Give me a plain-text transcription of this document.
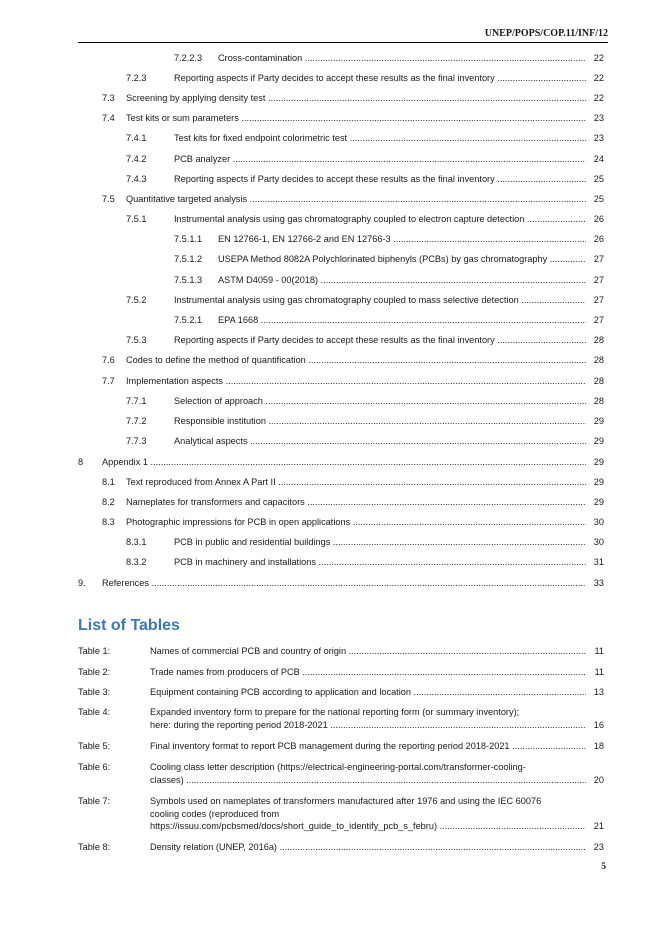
UNEP/POPS/COP.11/INF/12
7.2.2.3 Cross-contamination .....	22
7.2.3	Reporting aspects if Party decides to accept these results as the final inventory .....	22
7.3 Screening by applying density test .....	22
7.4 Test kits or sum parameters .....	23
7.4.1	Test kits for fixed endpoint colorimetric test .....	23
7.4.2	PCB analyzer .....	24
7.4.3	Reporting aspects if Party decides to accept these results as the final inventory .....	25
7.5 Quantitative targeted analysis .....	25
7.5.1	Instrumental analysis using gas chromatography coupled to electron capture detection .....	26
7.5.1.1 EN 12766-1, EN 12766-2 and EN 12766-3 .....	26
7.5.1.2 USEPA Method 8082A Polychlorinated biphenyls (PCBs) by gas chromatography .....	27
7.5.1.3 ASTM D4059 - 00(2018) .....	27
7.5.2	Instrumental analysis using gas chromatography coupled to mass selective detection .....	27
7.5.2.1 EPA 1668 .....	27
7.5.3	Reporting aspects if Party decides to accept these results as the final inventory .....	28
7.6 Codes to define the method of quantification .....	28
7.7 Implementation aspects .....	28
7.7.1	Selection of approach .....	28
7.7.2	Responsible institution .....	29
7.7.3	Analytical aspects .....	29
8 Appendix 1 .....	29
8.1 Text reproduced from Annex A Part II .....	29
8.2 Nameplates for transformers and capacitors .....	29
8.3 Photographic impressions for PCB in open applications .....	30
8.3.1	PCB in public and residential buildings .....	30
8.3.2	PCB in machinery and installations .....	31
9. References .....	33
List of Tables
Table 1:	Names of commercial PCB and country of origin .....	11
Table 2:	Trade names from producers of PCB .....	11
Table 3:	Equipment containing PCB according to application and location .....	13
Table 4:	Expanded inventory form to prepare for the national reporting form (or summary inventory);
here: during the reporting period 2018-2021 .....	16
Table 5:	Final inventory format to report PCB management during the reporting period 2018-2021 .....	18
Table 6:	Cooling class letter description (https://electrical-engineering-portal.com/transformer-cooling-
classes) .....	20
Table 7:	Symbols used on nameplates of transformers manufactured after 1976 and using the IEC 60076
cooling codes (reproduced from
https://issuu.com/pcbsmed/docs/short_guide_to_identify_pcb_s_febru) .....	21
Table 8:	Density relation (UNEP, 2016a) .....	23
5
